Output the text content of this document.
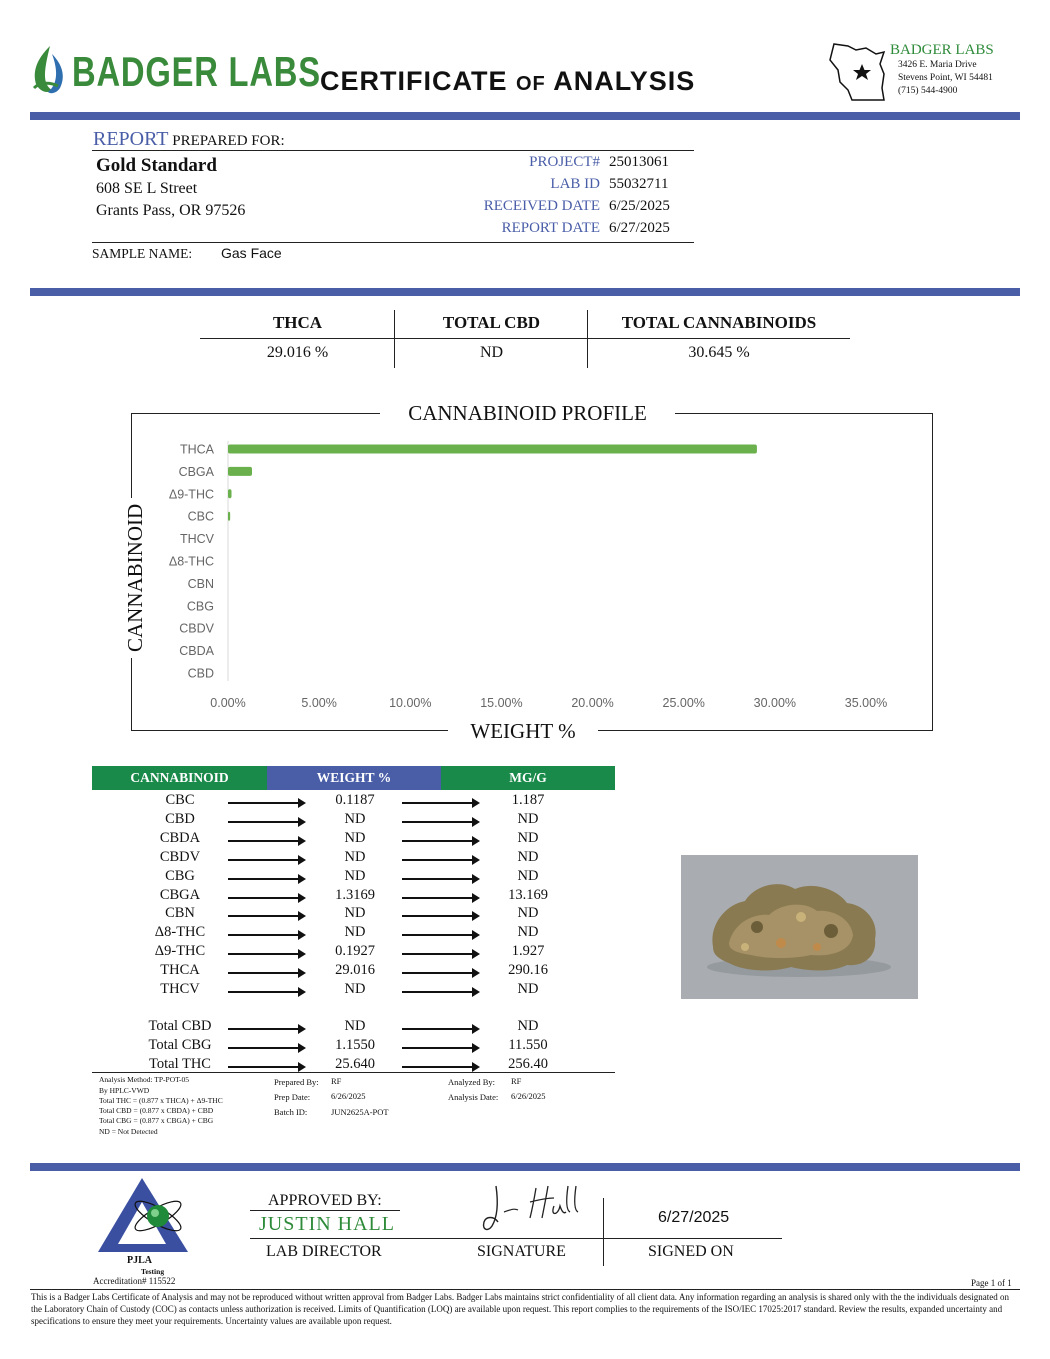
BADGER LABS CERTIFICATE OF ANALYSIS
BADGER LABS
3426 E. Maria Drive
Stevens Point, WI 54481
(715) 544-4900
REPORT PREPARED FOR:
Gold Standard
608 SE L Street
Grants Pass, OR 97526
PROJECT# 25013061
LAB ID 55032711
RECEIVED DATE 6/25/2025
REPORT DATE 6/27/2025
SAMPLE NAME: Gas Face
THCA	TOTAL CBD	TOTAL CANNABINOIDS
29.016 %	ND	30.645 %
THCA
CBGA
Δ9-THC
CBC
THCV
Δ8-THC
CBN
CBG
CBDV
CBDA
CBD
0.00%	5.00%	10.00%	15.00%	20.00%	25.00%	30.00%	35.00%
CANNABINOID PROFILE
CANNABINOID
WEIGHT %
CANNABINOID	WEIGHT %	MG/G
CBC	0.1187	1.187
CBD	ND	ND
CBDA	ND	ND
CBDV	ND	ND
CBG	ND	ND
CBGA	1.3169	13.169
CBN	ND	ND
Δ8-THC	ND	ND
Δ9-THC	0.1927	1.927
THCA	29.016	290.16
THCV	ND	ND
Total CBD	ND	ND
Total CBG	1.1550	11.550
Total THC	25.640	256.40
Analysis Method: TP-POT-05
By HPLC-VWD
Total THC = (0.877 x THCA) + Δ9-THC
Total CBD = (0.877 x CBDA) + CBD
Total CBG = (0.877 x CBGA) + CBG
ND = Not Detected
Prepared By: RF
Prep Date: 6/26/2025
Batch ID:	JUN2625A-POT
Analyzed By: RF
Analysis Date: 6/26/2025
PJLA
Testing
Accreditation# 115522
APPROVED BY:
JUSTIN HALL
LAB DIRECTOR	SIGNATURE
6/27/2025
SIGNED ON
Page 1 of 1
This is a Badger Labs Certificate of Analysis and may not be reproduced without written approval from Badger Labs. Badger Labs maintains strict confidentiality of all client data. Any information regarding an analysis is shared only with the the individuals designated on the Laboratory Chain of Custody (COC) as contacts unless authorization is received. Limits of Quantification (LOQ) are available upon request. This report complies to the requirements of the ISO/IEC 17025:2017 standard. Review the results, expanded uncertainty and specifications to ensure they meet your requirements. Uncertainty values are available upon request.
